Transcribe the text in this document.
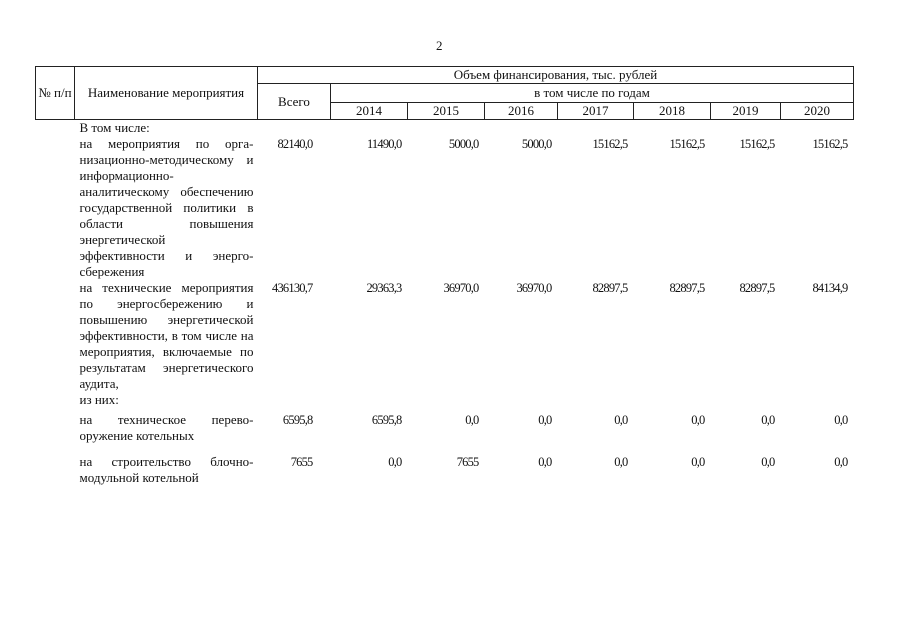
2
№ п/п	Наименование мероприятия	Объем финансирования, тыс. рублей							
		Всего	в том числе по годам						
			2014	2015	2016	2017	2018	2019	2020
	В том числе:								
	на мероприятия по организационно-методическому и информационно-аналитическому обеспечению государственной политики в области повышения энергетической эффективности и энергосбережения	82140,0	11490,0	5000,0	5000,0	15162,5	15162,5	15162,5	15162,5
	на технические мероприятия по энергосбережению и повышению энергетической эффективности, в том числе на мероприятия, включаемые по результатам энергетического аудита,	436130,7	29363,3	36970,0	36970,0	82897,5	82897,5	82897,5	84134,9
	из них:								
	на техническое перевооружение котельных	6595,8	6595,8	0,0	0,0	0,0	0,0	0,0	0,0
	на строительство блочно-модульной котельной	7655	0,0	7655	0,0	0,0	0,0	0,0	0,0
